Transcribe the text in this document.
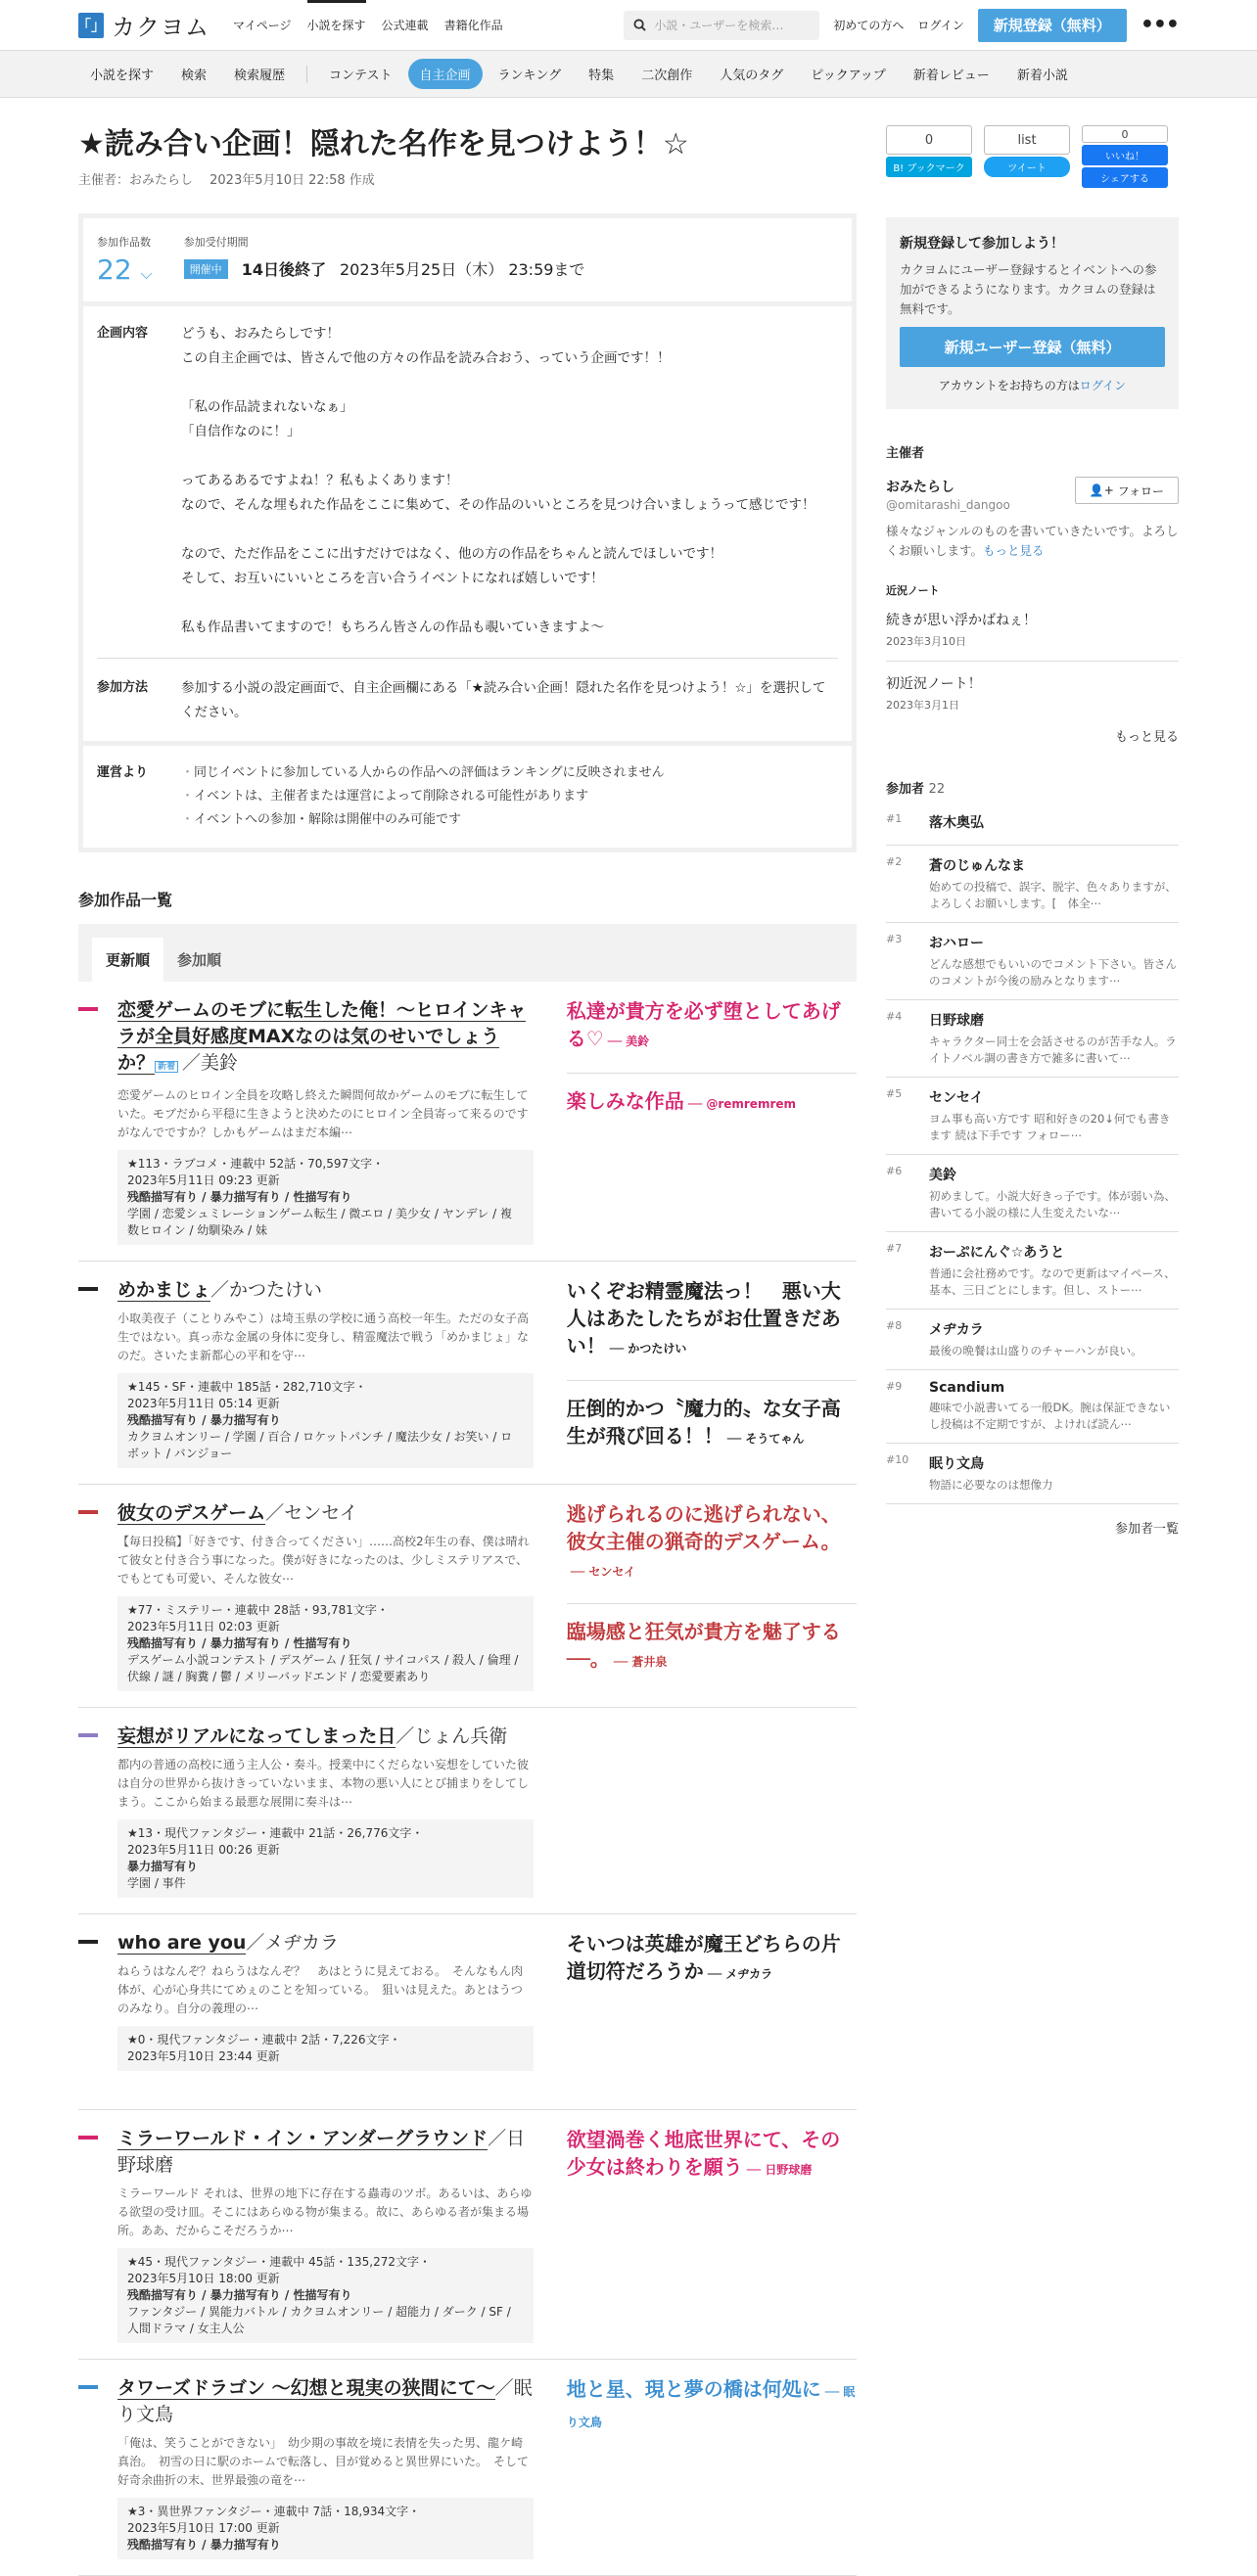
「」 カクヨム マイページ 小説を探す 公式連載 書籍化作品	小説・ユーザーを検索…	初めての方へ ログイン	新規登録（無料）	•••
小説を探す	検索	検索履歴	コンテスト	自主企画	ランキング	特集	二次創作	人気のタグ	ピックアップ	新着レビュー	新着小説
★読み合い企画！隠れた名作を見つけよう！☆
主催者：おみたらし　 2023年5月10日 22:58 作成
参加作品数
22 ⌵
参加受付期間
開催中	14日後終了 2023年5月25日（木） 23:59まで
企画内容	どうも、おみたらしです！
この自主企画では、皆さんで他の方々の作品を読み合おう、っていう企画です！！
「私の作品読まれないなぁ」
「自信作なのに！」
ってあるあるですよね！？私もよくあります！
なので、そんな埋もれた作品をここに集めて、その作品のいいところを見つけ合いましょうって感じです！
なので、ただ作品をここに出すだけではなく、他の方の作品をちゃんと読んでほしいです！
そして、お互いにいいところを言い合うイベントになれば嬉しいです！
私も作品書いてますので！もちろん皆さんの作品も覗いていきますよ〜
参加方法	参加する小説の設定画面で、自主企画欄にある「★読み合い企画！隠れた名作を見つけよう！☆」を選択してください。
運営より
・	同じイベントに参加している人からの作品への評価はランキングに反映されません
・ イベントは、主催者または運営によって削除される可能性があります
・ イベントへの参加・解除は開催中のみ可能です
参加作品一覧
更新順	参加順
恋愛ゲームのモブに転生した俺！～ヒロインキャラが全員好感度MAXなのは気のせいでしょうか？ 新着 ／美鈴
恋愛ゲームのヒロイン全員を攻略し終えた瞬間何故かゲームのモブに転生していた。モブだから平穏に生きようと決めたのにヒロイン全員寄って来るのですがなんでですか？しかもゲームはまだ本編⋯
★113・ラブコメ・連載中 52話・70,597文字・
2023年5月11日 09:23 更新
残酷描写有り / 暴力描写有り / 性描写有り
学園 / 恋愛シュミレーションゲーム転生 / 微エロ / 美少女 / ヤンデレ / 複数ヒロイン / 幼馴染み / 妹
私達が貴方を必ず堕としてあげる♡ ── 美鈴
楽しみな作品 ── @remremrem
めかまじょ／かつたけい
小取美夜子（ことりみやこ）は埼玉県の学校に通う高校一年生。ただの女子高生ではない。真っ赤な金属の身体に変身し、精霊魔法で戦う「めかまじょ」なのだ。さいたま新都心の平和を守⋯
★145・SF・連載中 185話・282,710文字・
2023年5月11日 05:14 更新
残酷描写有り / 暴力描写有り
カクヨムオンリー / 学園 / 百合 / ロケットパンチ / 魔法少女 / お笑い / ロボット / バンジョー
いくぞお精霊魔法っ！　悪い大人はあたしたちがお仕置きだあい！ ── かつたけい
圧倒的かつ〝魔力的〟な女子高生が飛び回る！！ ── そうてゃん
彼女のデスゲーム／センセイ
【毎日投稿】「好きです、付き合ってください」……高校2年生の春、僕は晴れて彼女と付き合う事になった。僕が好きになったのは、少しミステリアスで、でもとても可愛い、そんな彼女⋯
★77・ミステリー・連載中 28話・93,781文字・
2023年5月11日 02:03 更新
残酷描写有り / 暴力描写有り / 性描写有り
デスゲーム小説コンテスト / デスゲーム / 狂気 / サイコパス / 殺人 / 倫理 / 伏線 / 謎 / 胸糞 / 鬱 / メリーバッドエンド / 恋愛要素あり
逃げられるのに逃げられない、彼女主催の猟奇的デスゲーム。── センセイ
臨場感と狂気が貴方を魅了する──。 ── 蒼井泉
妄想がリアルになってしまった日／じょん兵衛
都内の普通の高校に通う主人公・奏斗。授業中にくだらない妄想をしていた彼は自分の世界から抜けきっていないまま、本物の悪い人にとび捕まりをしてしまう。ここから始まる最悪な展開に奏斗は⋯
★13・現代ファンタジー・連載中 21話・26,776文字・
2023年5月11日 00:26 更新
暴力描写有り
学園 / 事件
who are you／メヂカラ
ねらうはなんぞ？ねらうはなんぞ？　あはとうに見えておる。　そんなもん肉体が、心が心身共にてめぇのことを知っている。　狙いは見えた。あとはうつのみなり。自分の義理の⋯
★0・現代ファンタジー・連載中 2話・7,226文字・
2023年5月10日 23:44 更新
そいつは英雄が魔王どちらの片道切符だろうか ── メヂカラ
ミラーワールド・イン・アンダーグラウンド／日野球磨
ミラーワールド それは、世界の地下に存在する蟲毒のツボ。あるいは、あらゆる欲望の受け皿。そこにはあらゆる物が集まる。故に、あらゆる者が集まる場所。ああ、だからこそだろうか⋯
★45・現代ファンタジー・連載中 45話・135,272文字・
2023年5月10日 18:00 更新
残酷描写有り / 暴力描写有り / 性描写有り
ファンタジー / 異能力バトル / カクヨムオンリー / 超能力 / ダーク / SF / 人間ドラマ / 女主人公
欲望渦巻く地底世界にて、その少女は終わりを願う ── 日野球磨
タワーズドラゴン 〜幻想と現実の狭間にて〜／眠り文鳥
「俺は、笑うことができない」　幼少期の事故を境に表情を失った男、龍ケ崎真治。　初雪の日に駅のホームで転落し、目が覚めると異世界にいた。　そして好奇余曲折の末、世界最強の竜を⋯
★3・異世界ファンタジー・連載中 7話・18,934文字・
2023年5月10日 17:00 更新
残酷描写有り / 暴力描写有り
地と星、現と夢の橋は何処に ── 眠り文鳥
0
B! ブックマーク
list
ツイート
0
いいね！
シェアする
新規登録して参加しよう！

カクヨムにユーザー登録するとイベントへの参加ができるようになります。カクヨムの登録は無料です。

新規ユーザー登録（無料）
アカウントをお持ちの方はログイン
主催者
おみたらし
@omitarashi_dangoo
👤+ フォロー
様々なジャンルのものを書いていきたいです。よろしくお願いします。もっと見る
近況ノート
続きが思い浮かばねぇ！
2023年3月10日
初近況ノート！
2023年3月1日
もっと見る
参加者 22
#1	落木奥弘
#2	蒼のじゅんなま
始めての投稿で、誤字、脱字、色々ありますが、よろしくお願いします。[　体全⋯
#3	おハロー
どんな感想でもいいのでコメント下さい。皆さんのコメントが今後の励みとなります⋯
#4	日野球磨
キャラクター同士を会話させるのが苦手な人。ライトノベル調の書き方で雑多に書いて⋯
#5	センセイ
ヨム事も高い方です 昭和好きの20↓何でも書きます 続は下手です フォロー⋯
#6	美鈴
初めまして。小説大好きっ子です。体が弱い為、書いてる小説の様に人生変えたいな⋯
#7	おーぷにんぐ☆あうと
普通に会社務めです。なので更新はマイペース、基本、三日ごとにします。但し、ストー⋯
#8	メヂカラ
最後の晩餐は山盛りのチャーハンが良い。
#9	Scandium
趣味で小説書いてる一般DK。腕は保証できないし投稿は不定期ですが、よければ読ん⋯
#10	眠り文鳥
物語に必要なのは想像力
参加者一覧
